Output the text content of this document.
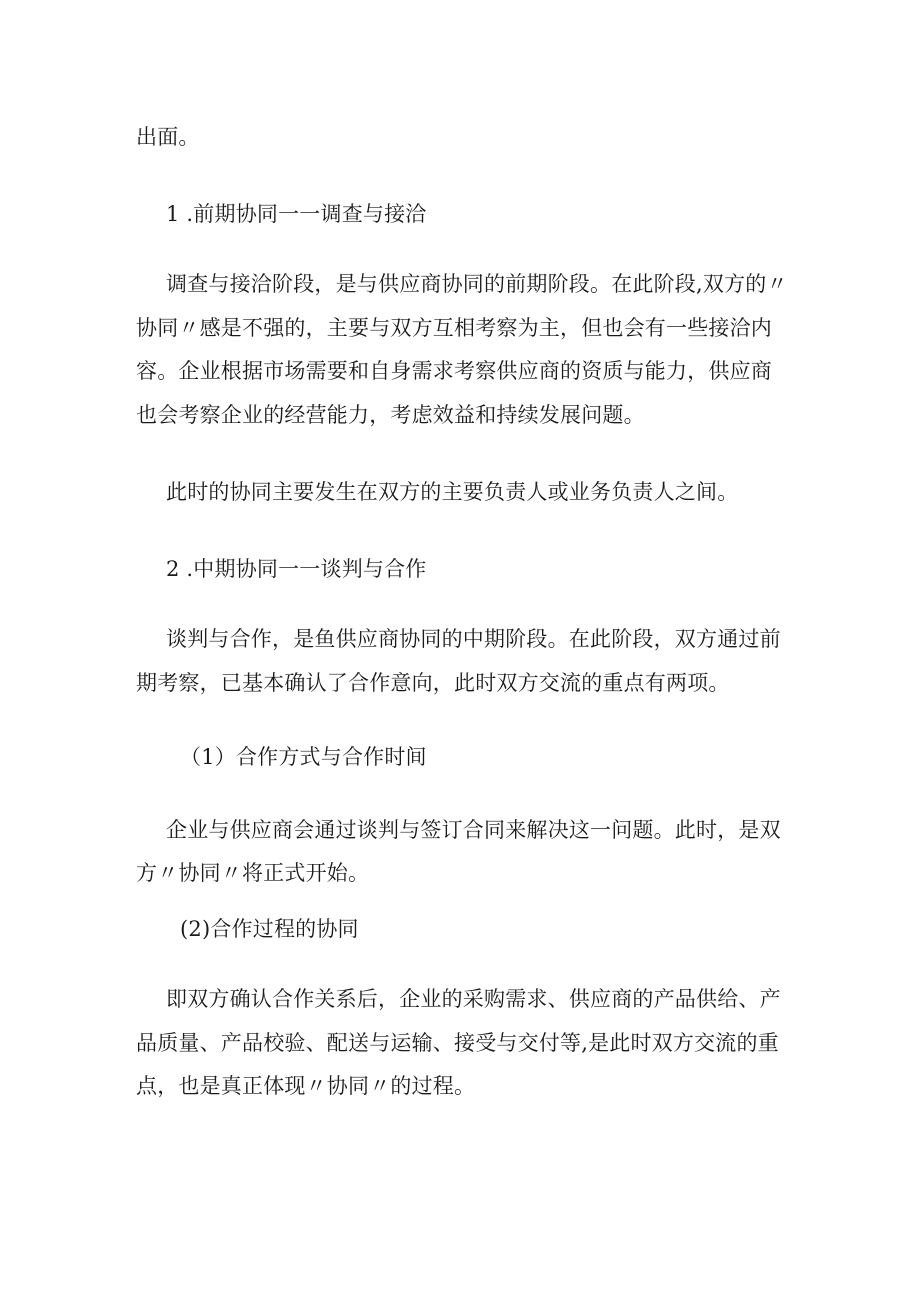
出面。

1 .前期协同一一调查与接洽

调查与接洽阶段，是与供应商协同的前期阶段。在此阶段,双方的〃

协同〃感是不强的，主要与双方互相考察为主，但也会有一些接洽内

容。企业根据市场需要和自身需求考察供应商的资质与能力，供应商

也会考察企业的经营能力，考虑效益和持续发展问题。

此时的协同主要发生在双方的主要负责人或业务负责人之间。

2 .中期协同一一谈判与合作

谈判与合作，是鱼供应商协同的中期阶段。在此阶段，双方通过前

期考察，已基本确认了合作意向，此时双方交流的重点有两项。

（1）合作方式与合作时间

企业与供应商会通过谈判与签订合同来解决这一问题。此时，是双

方〃协同〃将正式开始。

(2)合作过程的协同

即双方确认合作关系后，企业的采购需求、供应商的产品供给、产

品质量、产品校验、配送与运输、接受与交付等,是此时双方交流的重

点，也是真正体现〃协同〃的过程。
